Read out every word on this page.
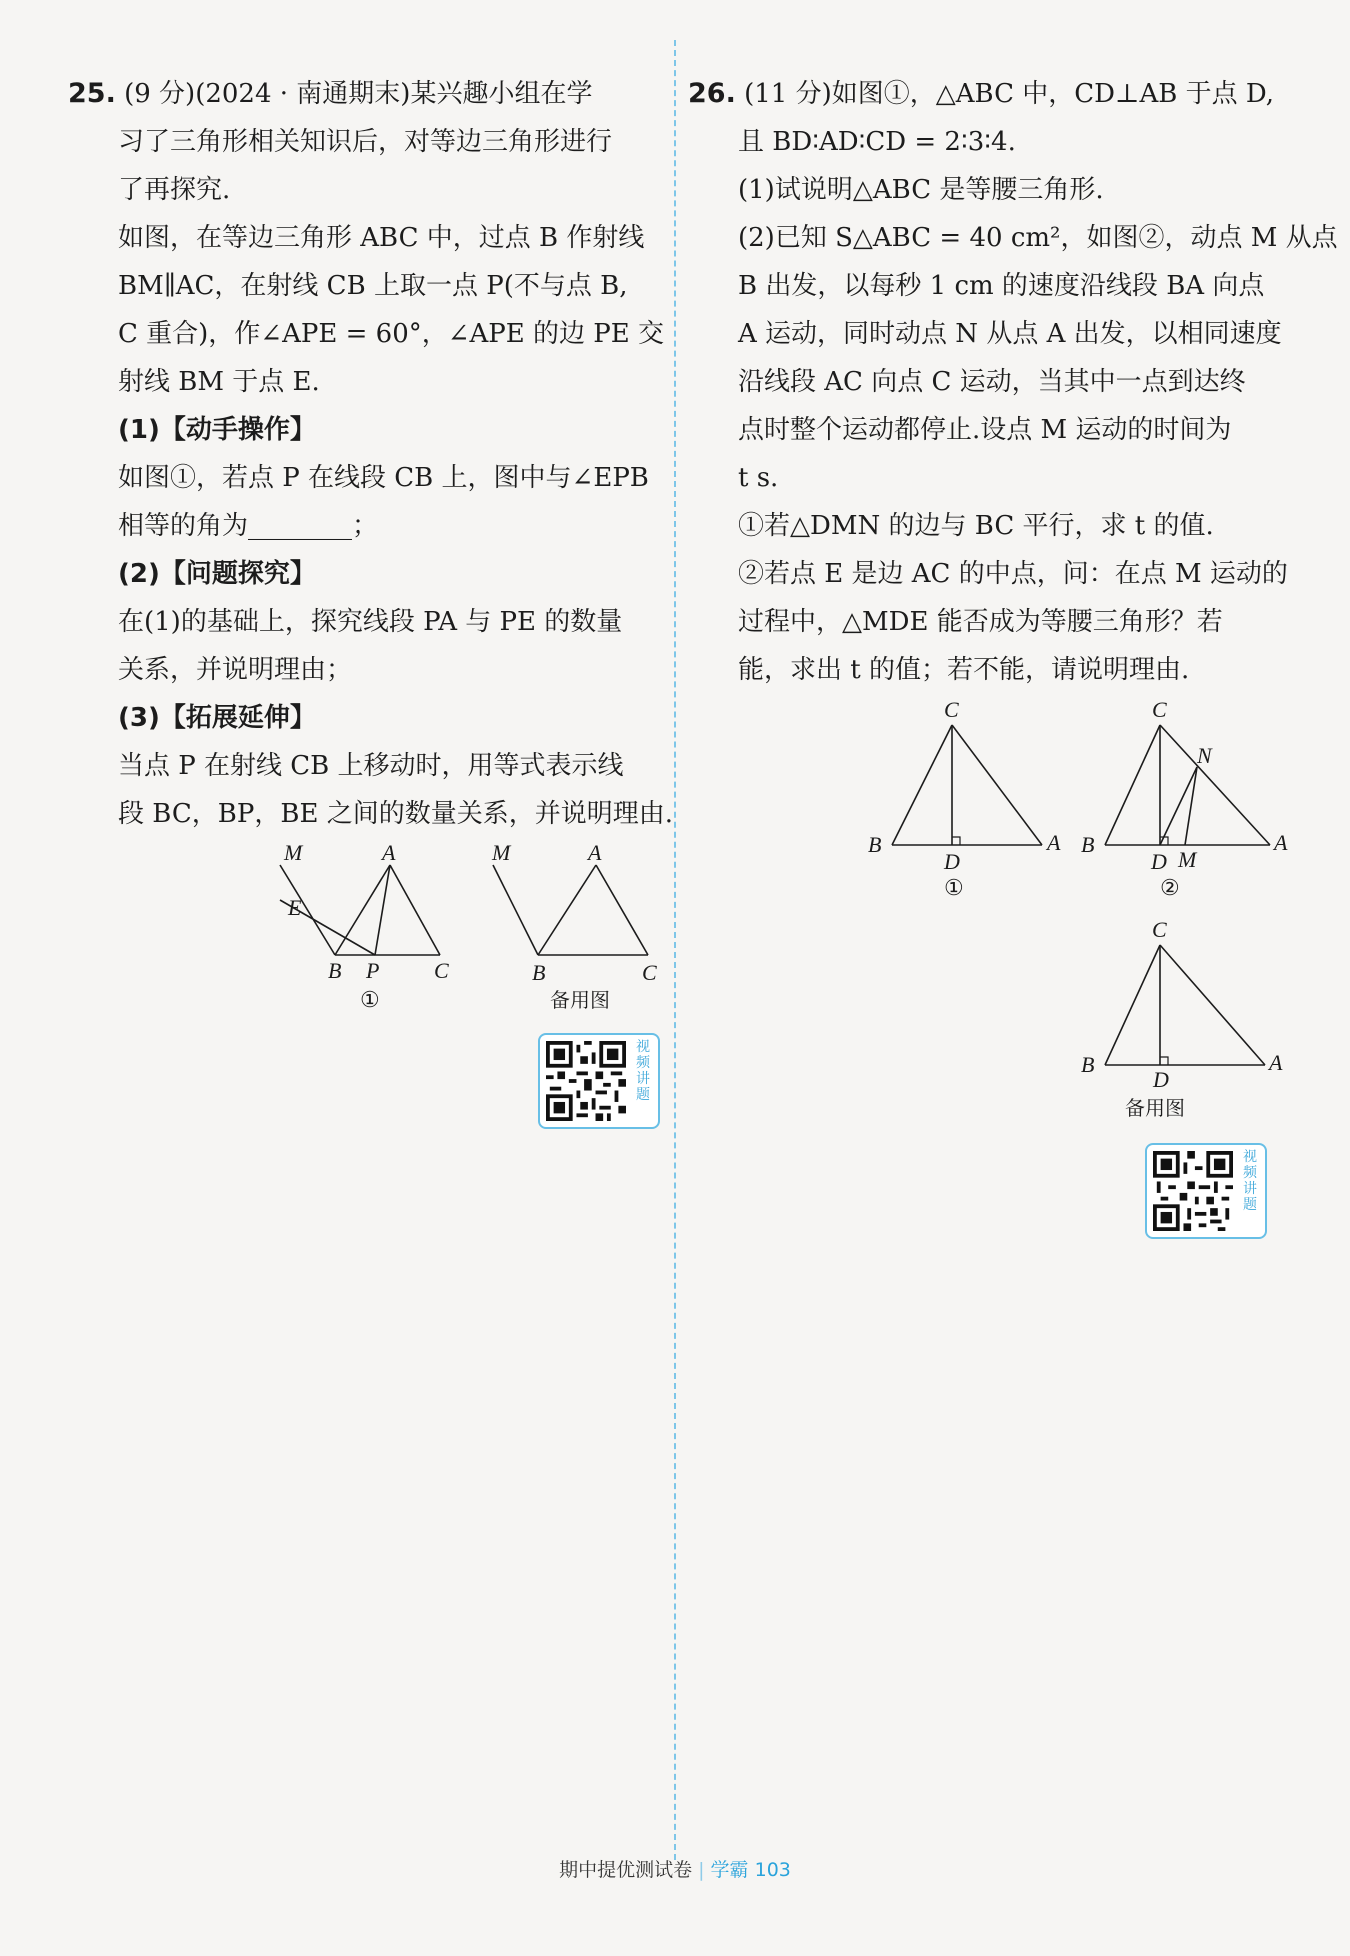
25. (9 分)(2024 · 南通期末)某兴趣小组在学
习了三角形相关知识后，对等边三角形进行
了再探究.
如图，在等边三角形 ABC 中，过点 B 作射线
BM∥AC，在射线 CB 上取一点 P(不与点 B,
C 重合)，作∠APE = 60°，∠APE 的边 PE 交
射线 BM 于点 E.
(1)【动手操作】
如图①，若点 P 在线段 CB 上，图中与∠EPB
相等的角为________；
(2)【问题探究】
在(1)的基础上，探究线段 PA 与 PE 的数量
关系，并说明理由；
(3)【拓展延伸】
当点 P 在射线 CB 上移动时，用等式表示线
段 BC，BP，BE 之间的数量关系，并说明理由.
M	A
E
B P C
①
M	A
B	C
备用图
视频讲题
26. (11 分)如图①，△ABC 中，CD⊥AB 于点 D,
且 BD∶AD∶CD = 2∶3∶4.
(1)试说明△ABC 是等腰三角形.
(2)已知 S△ABC = 40 cm²，如图②，动点 M 从点
B 出发，以每秒 1 cm 的速度沿线段 BA 向点
A 运动，同时动点 N 从点 A 出发，以相同速度
沿线段 AC 向点 C 运动，当其中一点到达终
点时整个运动都停止.设点 M 运动的时间为
t s.
①若△DMN 的边与 BC 平行，求 t 的值.
②若点 E 是边 AC 的中点，问：在点 M 运动的
过程中，△MDE 能否成为等腰三角形？若
能，求出 t 的值；若不能，请说明理由.
C
B
D
A
①
C
N
B
D M
A
②
C
B
D
A
备用图
视频讲题
期中提优测试卷 | 学霸 103
